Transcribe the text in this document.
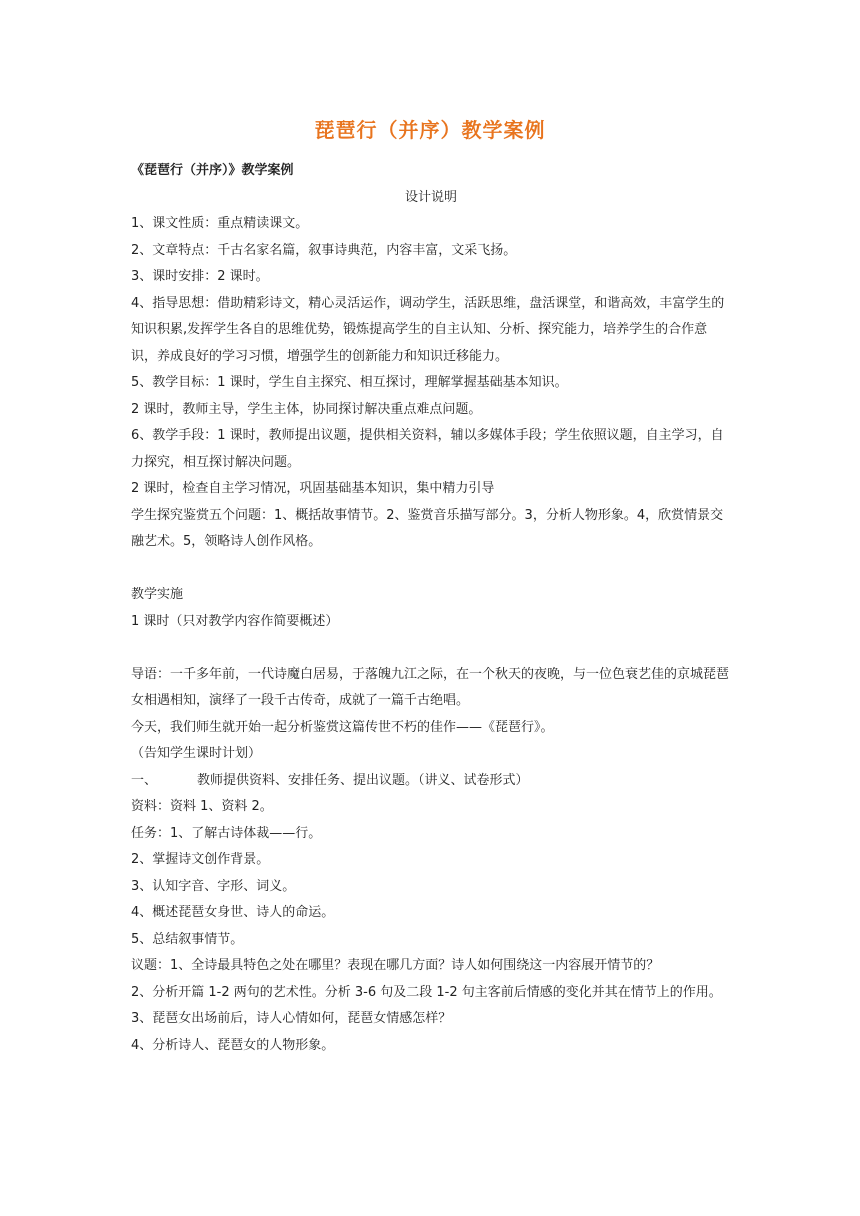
琵琶行（并序）教学案例

《琵琶行（并序）》教学案例

设计说明

1、课文性质：重点精读课文。

2、文章特点：千古名家名篇，叙事诗典范，内容丰富，文采飞扬。

3、课时安排：2 课时。

4、指导思想：借助精彩诗文，精心灵活运作，调动学生，活跃思维，盘活课堂，和谐高效，丰富学生的知识积累,发挥学生各自的思维优势，锻炼提高学生的自主认知、分析、探究能力，培养学生的合作意识，养成良好的学习习惯，增强学生的创新能力和知识迁移能力。

5、教学目标：1 课时，学生自主探究、相互探讨，理解掌握基础基本知识。

2 课时，教师主导，学生主体，协同探讨解决重点难点问题。

6、教学手段：1 课时，教师提出议题，提供相关资料，辅以多媒体手段；学生依照议题，自主学习，自力探究，相互探讨解决问题。

2 课时，检查自主学习情况，巩固基础基本知识，集中精力引导

学生探究鉴赏五个问题：1、概括故事情节。2、鉴赏音乐描写部分。3，分析人物形象。4，欣赏情景交融艺术。5，领略诗人创作风格。

教学实施

1 课时（只对教学内容作简要概述）

导语：一千多年前，一代诗魔白居易，于落魄九江之际，在一个秋天的夜晚，与一位色衰艺佳的京城琵琶女相遇相知，演绎了一段千古传奇，成就了一篇千古绝唱。

今天，我们师生就开始一起分析鉴赏这篇传世不朽的佳作——《琵琶行》。

（告知学生课时计划）

一、	教师提供资料、安排任务、提出议题。（讲义、试卷形式）

资料：资料 1、资料 2。

任务：1、了解古诗体裁——行。

2、掌握诗文创作背景。

3、认知字音、字形、词义。

4、概述琵琶女身世、诗人的命运。

5、总结叙事情节。

议题：1、全诗最具特色之处在哪里？表现在哪几方面？诗人如何围绕这一内容展开情节的？

2、分析开篇 1-2 两句的艺术性。分析 3-6 句及二段 1-2 句主客前后情感的变化并其在情节上的作用。

3、琵琶女出场前后，诗人心情如何，琵琶女情感怎样？

4、分析诗人、琵琶女的人物形象。
